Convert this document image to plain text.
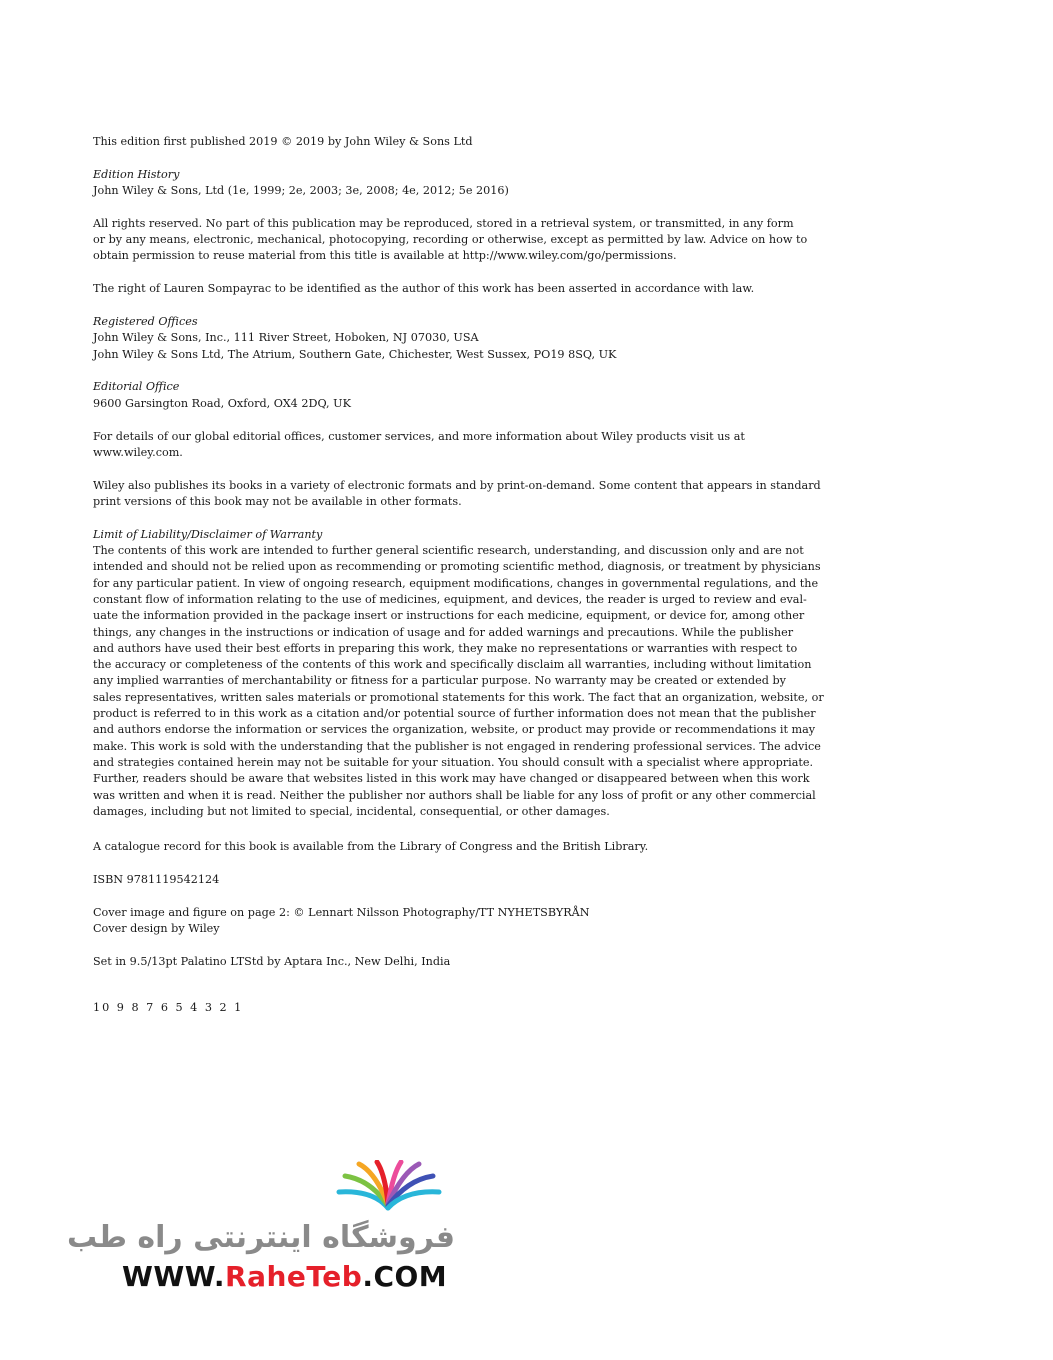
This edition first published 2019 © 2019 by John Wiley & Sons Ltd
Edition History
John Wiley & Sons, Ltd (1e, 1999; 2e, 2003; 3e, 2008; 4e, 2012; 5e 2016)
All rights reserved. No part of this publication may be reproduced, stored in a retrieval system, or transmitted, in any form
or by any means, electronic, mechanical, photocopying, recording or otherwise, except as permitted by law. Advice on how to
obtain permission to reuse material from this title is available at http://www.wiley.com/go/permissions.
The right of Lauren Sompayrac to be identified as the author of this work has been asserted in accordance with law.
Registered Offices
John Wiley & Sons, Inc., 111 River Street, Hoboken, NJ 07030, USA
John Wiley & Sons Ltd, The Atrium, Southern Gate, Chichester, West Sussex, PO19 8SQ, UK
Editorial Office
9600 Garsington Road, Oxford, OX4 2DQ, UK
For details of our global editorial offices, customer services, and more information about Wiley products visit us at
www.wiley.com.
Wiley also publishes its books in a variety of electronic formats and by print-on-demand. Some content that appears in standard
print versions of this book may not be available in other formats.
Limit of Liability/Disclaimer of Warranty
The contents of this work are intended to further general scientific research, understanding, and discussion only and are not
intended and should not be relied upon as recommending or promoting scientific method, diagnosis, or treatment by physicians
for any particular patient. In view of ongoing research, equipment modifications, changes in governmental regulations, and the
constant flow of information relating to the use of medicines, equipment, and devices, the reader is urged to review and eval-
uate the information provided in the package insert or instructions for each medicine, equipment, or device for, among other
things, any changes in the instructions or indication of usage and for added warnings and precautions. While the publisher
and authors have used their best efforts in preparing this work, they make no representations or warranties with respect to
the accuracy or completeness of the contents of this work and specifically disclaim all warranties, including without limitation
any implied warranties of merchantability or fitness for a particular purpose. No warranty may be created or extended by
sales representatives, written sales materials or promotional statements for this work. The fact that an organization, website, or
product is referred to in this work as a citation and/or potential source of further information does not mean that the publisher
and authors endorse the information or services the organization, website, or product may provide or recommendations it may
make. This work is sold with the understanding that the publisher is not engaged in rendering professional services. The advice
and strategies contained herein may not be suitable for your situation. You should consult with a specialist where appropriate.
Further, readers should be aware that websites listed in this work may have changed or disappeared between when this work
was written and when it is read. Neither the publisher nor authors shall be liable for any loss of profit or any other commercial
damages, including but not limited to special, incidental, consequential, or other damages.
A catalogue record for this book is available from the Library of Congress and the British Library.
ISBN 9781119542124
Cover image and figure on page 2: © Lennart Nilsson Photography/TT NYHETSBYRÅN
Cover design by Wiley
Set in 9.5/13pt Palatino LTStd by Aptara Inc., New Delhi, India
10 9 8 7 6 5 4 3 2 1
فروشگاه اینترنتی راه طب
WWW.RaheTeb.COM
